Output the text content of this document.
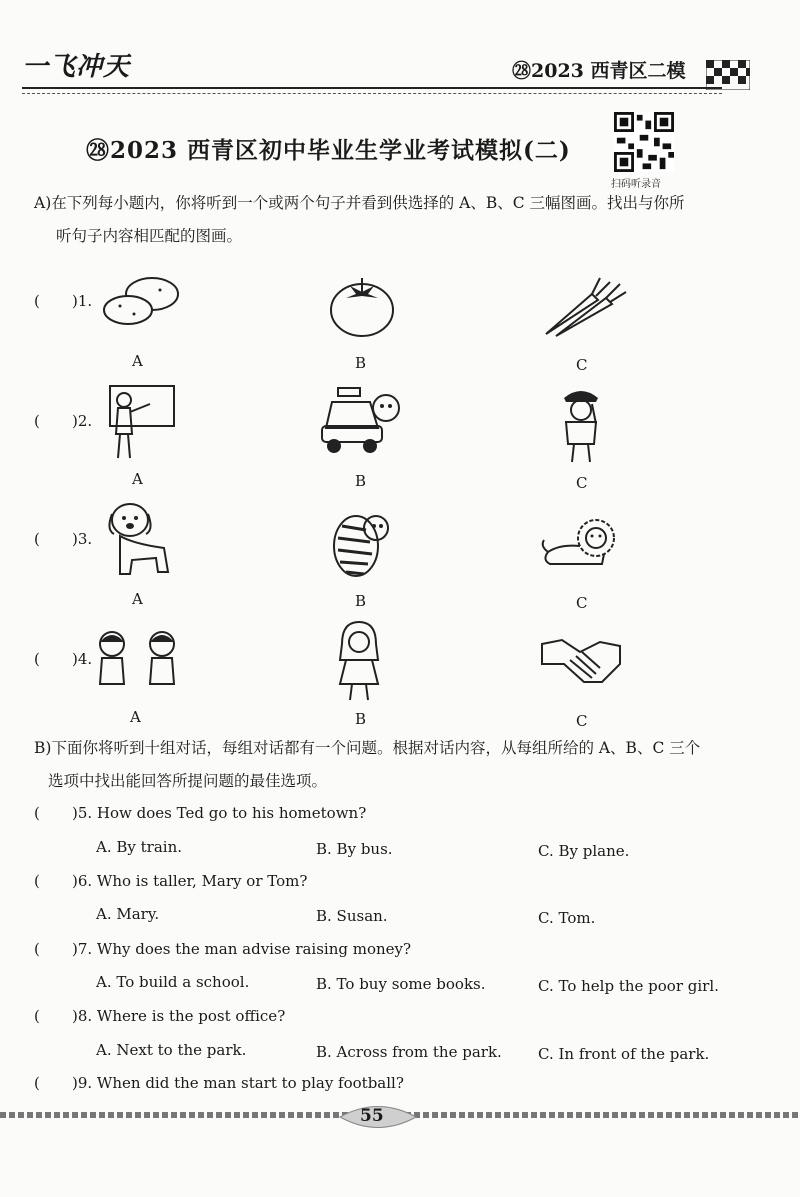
一飞冲天	㉘2023 西青区二模
㉘2023 西青区初中毕业生学业考试模拟(二)
扫码听录音
A)在下列每小题内，你将听到一个或两个句子并看到供选择的 A、B、C 三幅图画。找出与你所
听句子内容相匹配的图画。
( )1.
A	B	C
( )2.
A	B	C
( )3.
A	B	C
( )4.
A	B	C
B)下面你将听到十组对话，每组对话都有一个问题。根据对话内容，从每组所给的 A、B、C 三个
选项中找出能回答所提问题的最佳选项。
( )5. How does Ted go to his hometown?
A. By train.	B. By bus.	C. By plane.
( )6. Who is taller, Mary or Tom?
A. Mary.	B. Susan.	C. Tom.
( )7. Why does the man advise raising money?
A. To build a school.	B. To buy some books.	C. To help the poor girl.
( )8. Where is the post office?
A. Next to the park.	B. Across from the park. C. In front of the park.
( )9. When did the man start to play football?
55
